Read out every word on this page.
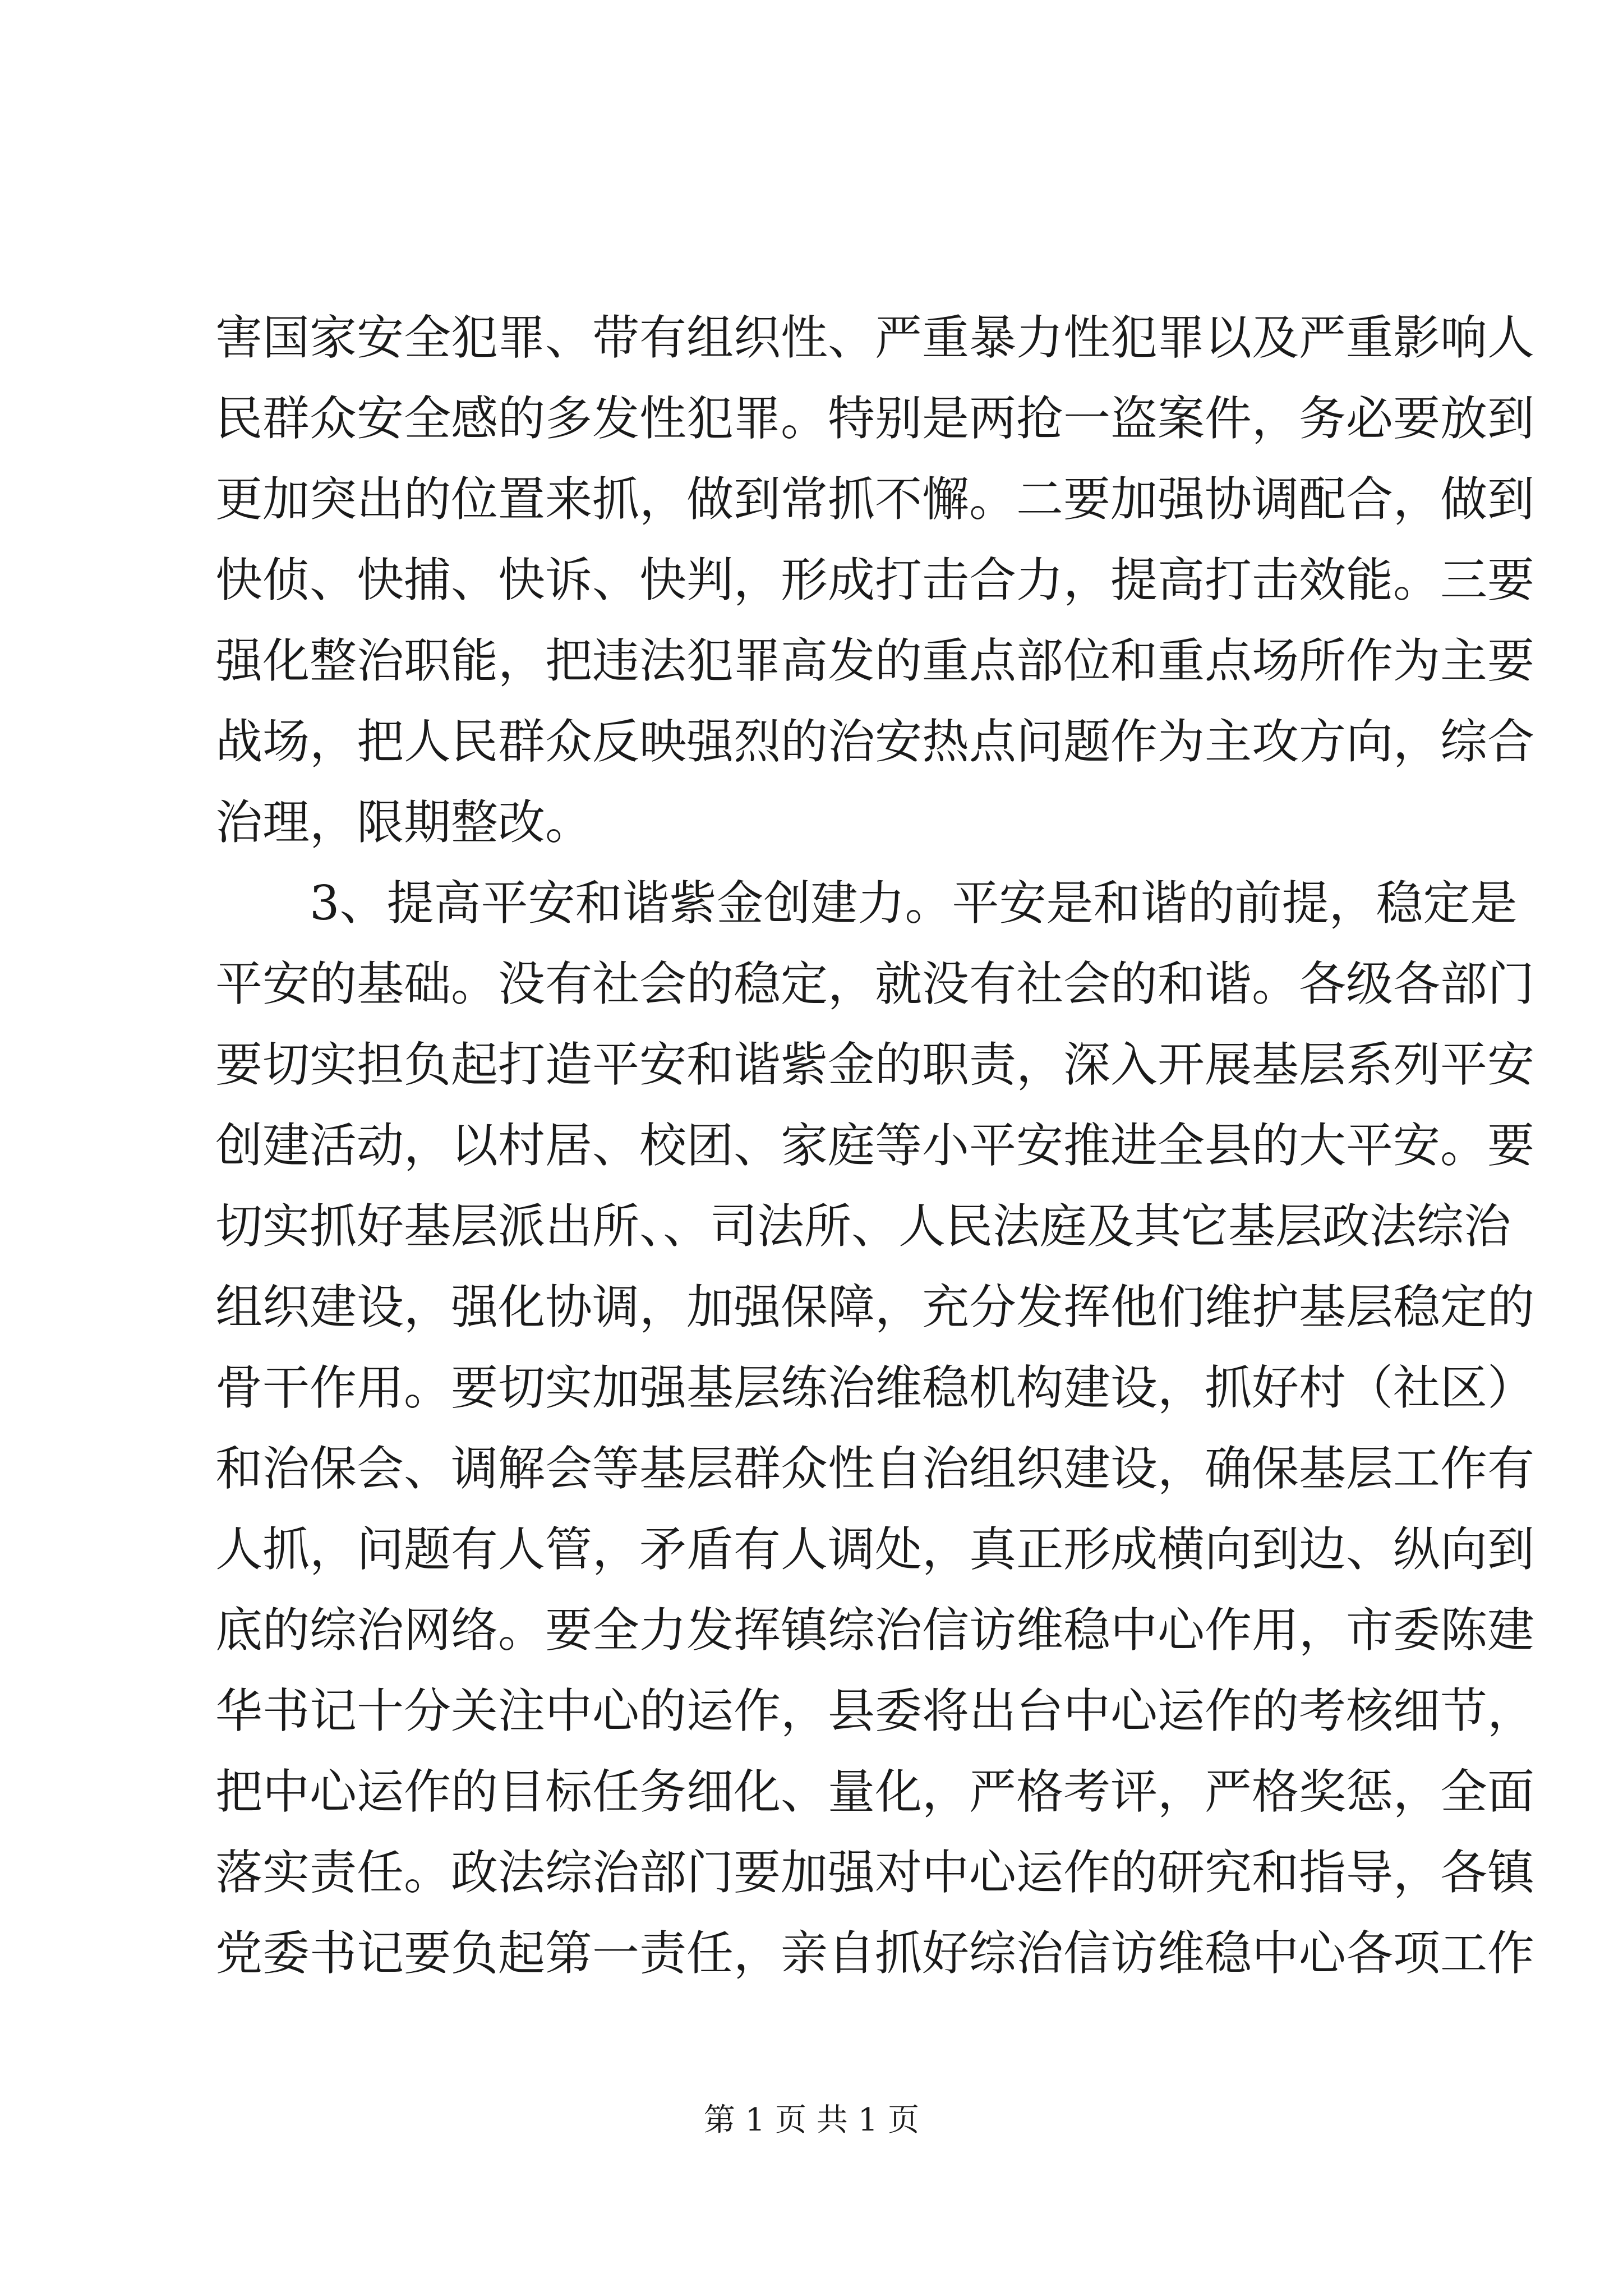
害国家安全犯罪、带有组织性、严重暴力性犯罪以及严重影响人
民群众安全感的多发性犯罪。特别是两抢一盗案件，务必要放到
更加突出的位置来抓，做到常抓不懈。二要加强协调配合，做到
快侦、快捕、快诉、快判，形成打击合力，提高打击效能。三要
强化整治职能，把违法犯罪高发的重点部位和重点场所作为主要
战场，把人民群众反映强烈的治安热点问题作为主攻方向，综合
治理，限期整改。
3、提高平安和谐紫金创建力。平安是和谐的前提，稳定是
平安的基础。没有社会的稳定，就没有社会的和谐。各级各部门
要切实担负起打造平安和谐紫金的职责，深入开展基层系列平安
创建活动，以村居、校团、家庭等小平安推进全县的大平安。要
切实抓好基层派出所、、司法所、人民法庭及其它基层政法综治
组织建设，强化协调，加强保障，充分发挥他们维护基层稳定的
骨干作用。要切实加强基层练治维稳机构建设，抓好村（社区）
和治保会、调解会等基层群众性自治组织建设，确保基层工作有
人抓，问题有人管，矛盾有人调处，真正形成横向到边、纵向到
底的综治网络。要全力发挥镇综治信访维稳中心作用，市委陈建
华书记十分关注中心的运作，县委将出台中心运作的考核细节，
把中心运作的目标任务细化、量化，严格考评，严格奖惩，全面
落实责任。政法综治部门要加强对中心运作的研究和指导，各镇
党委书记要负起第一责任，亲自抓好综治信访维稳中心各项工作
第 1 页 共 1 页
